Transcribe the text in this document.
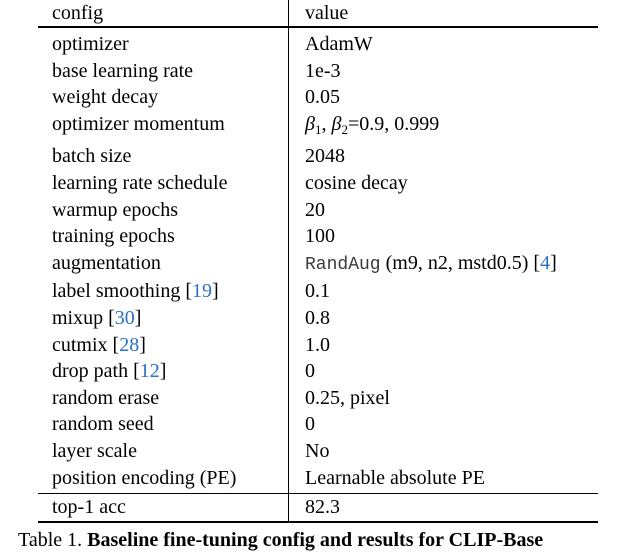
config	value
optimizer	AdamW
base learning rate	1e-3
weight decay	0.05
optimizer momentum	$\beta_1$, $\beta_2=0.9$, 0.999
batch size	2048
learning rate schedule	cosine decay
warmup epochs	20
training epochs	100
augmentation	RandAug (m9, n2, mstd0.5) [4]
label smoothing [19]	0.1
mixup [30]	0.8
cutmix [28]	1.0
drop path [12]	0
random erase	0.25, pixel
random seed	0
layer scale	No
position encoding (PE)	Learnable absolute PE
top-1 acc	82.3
Table 1. Baseline fine-tuning config and results for CLIP-Base
